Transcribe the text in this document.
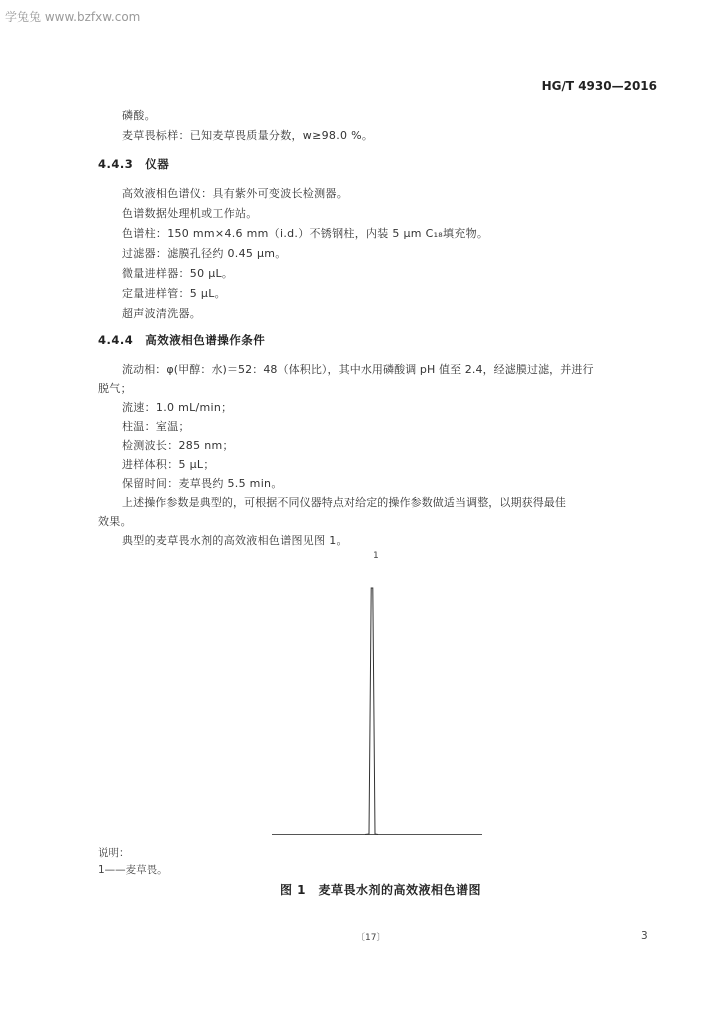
学兔兔 www.bzfxw.com
HG/T 4930—2016
磷酸。
麦草畏标样：已知麦草畏质量分数，w≥98.0 %。
4.4.3　仪器
高效液相色谱仪：具有紫外可变波长检测器。
色谱数据处理机或工作站。
色谱柱：150 mm×4.6 mm（i.d.）不锈钢柱，内装 5 μm C₁₈填充物。
过滤器：滤膜孔径约 0.45 μm。
微量进样器：50 μL。
定量进样管：5 μL。
超声波清洗器。
4.4.4　高效液相色谱操作条件
流动相：φ(甲醇：水)＝52：48（体积比），其中水用磷酸调 pH 值至 2.4，经滤膜过滤，并进行
脱气；
流速：1.0 mL/min；
柱温：室温；
检测波长：285 nm；
进样体积：5 μL；
保留时间：麦草畏约 5.5 min。
上述操作参数是典型的，可根据不同仪器特点对给定的操作参数做适当调整，以期获得最佳
效果。
典型的麦草畏水剂的高效液相色谱图见图 1。
1
说明：
1——麦草畏。
图 1　麦草畏水剂的高效液相色谱图
〔17〕	3
